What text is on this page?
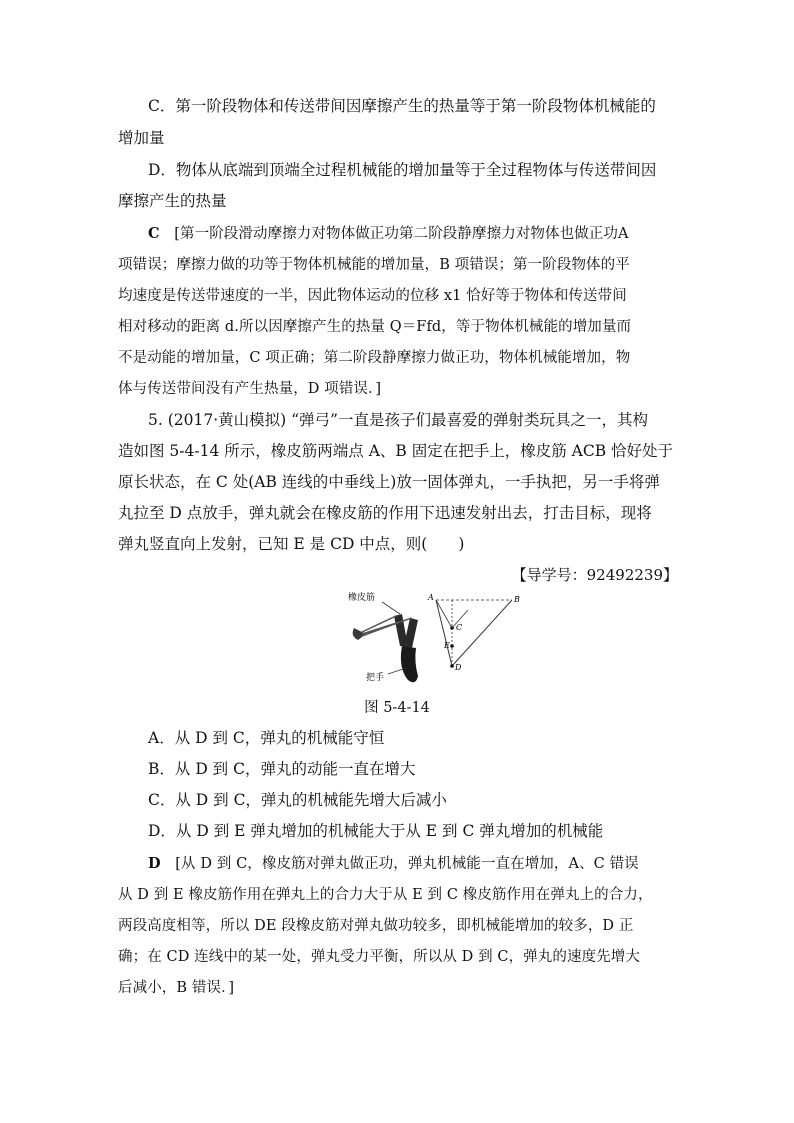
C．第一阶段物体和传送带间因摩擦产生的热量等于第一阶段物体机械能的
增加量
D．物体从底端到顶端全过程机械能的增加量等于全过程物体与传送带间因
摩擦产生的热量
C  [第一阶段滑动摩擦力对物体做正功第二阶段静摩擦力对物体也做正功A
项错误；摩擦力做的功等于物体机械能的增加量，B 项错误；第一阶段物体的平
均速度是传送带速度的一半，因此物体运动的位移 x1 恰好等于物体和传送带间
相对移动的距离 d.所以因摩擦产生的热量 Q＝Ffd，等于物体机械能的增加量而
不是动能的增加量，C 项正确；第二阶段静摩擦力做正功，物体机械能增加，物
体与传送带间没有产生热量，D 项错误．]
5. (2017·黄山模拟) “弹弓”一直是孩子们最喜爱的弹射类玩具之一，其构
造如图 5-4-14 所示，橡皮筋两端点 A、B 固定在把手上，橡皮筋 ACB 恰好处于
原长状态，在 C 处(AB 连线的中垂线上)放一固体弹丸，一手执把，另一手将弹
丸拉至 D 点放手，弹丸就会在橡皮筋的作用下迅速发射出去，打击目标，现将
弹丸竖直向上发射，已知 E 是 CD 中点，则(　　)
【导学号：92492239】
橡皮筋
把手
A	B
C
E
D
图 5-4-14
A．从 D 到 C，弹丸的机械能守恒
B．从 D 到 C，弹丸的动能一直在增大
C．从 D 到 C，弹丸的机械能先增大后减小
D．从 D 到 E 弹丸增加的机械能大于从 E 到 C 弹丸增加的机械能
D  [从 D 到 C，橡皮筋对弹丸做正功，弹丸机械能一直在增加，A、C 错误
从 D 到 E 橡皮筋作用在弹丸上的合力大于从 E 到 C 橡皮筋作用在弹丸上的合力，
两段高度相等，所以 DE 段橡皮筋对弹丸做功较多，即机械能增加的较多，D 正
确；在 CD 连线中的某一处，弹丸受力平衡，所以从 D 到 C，弹丸的速度先增大
后减小，B 错误．]
